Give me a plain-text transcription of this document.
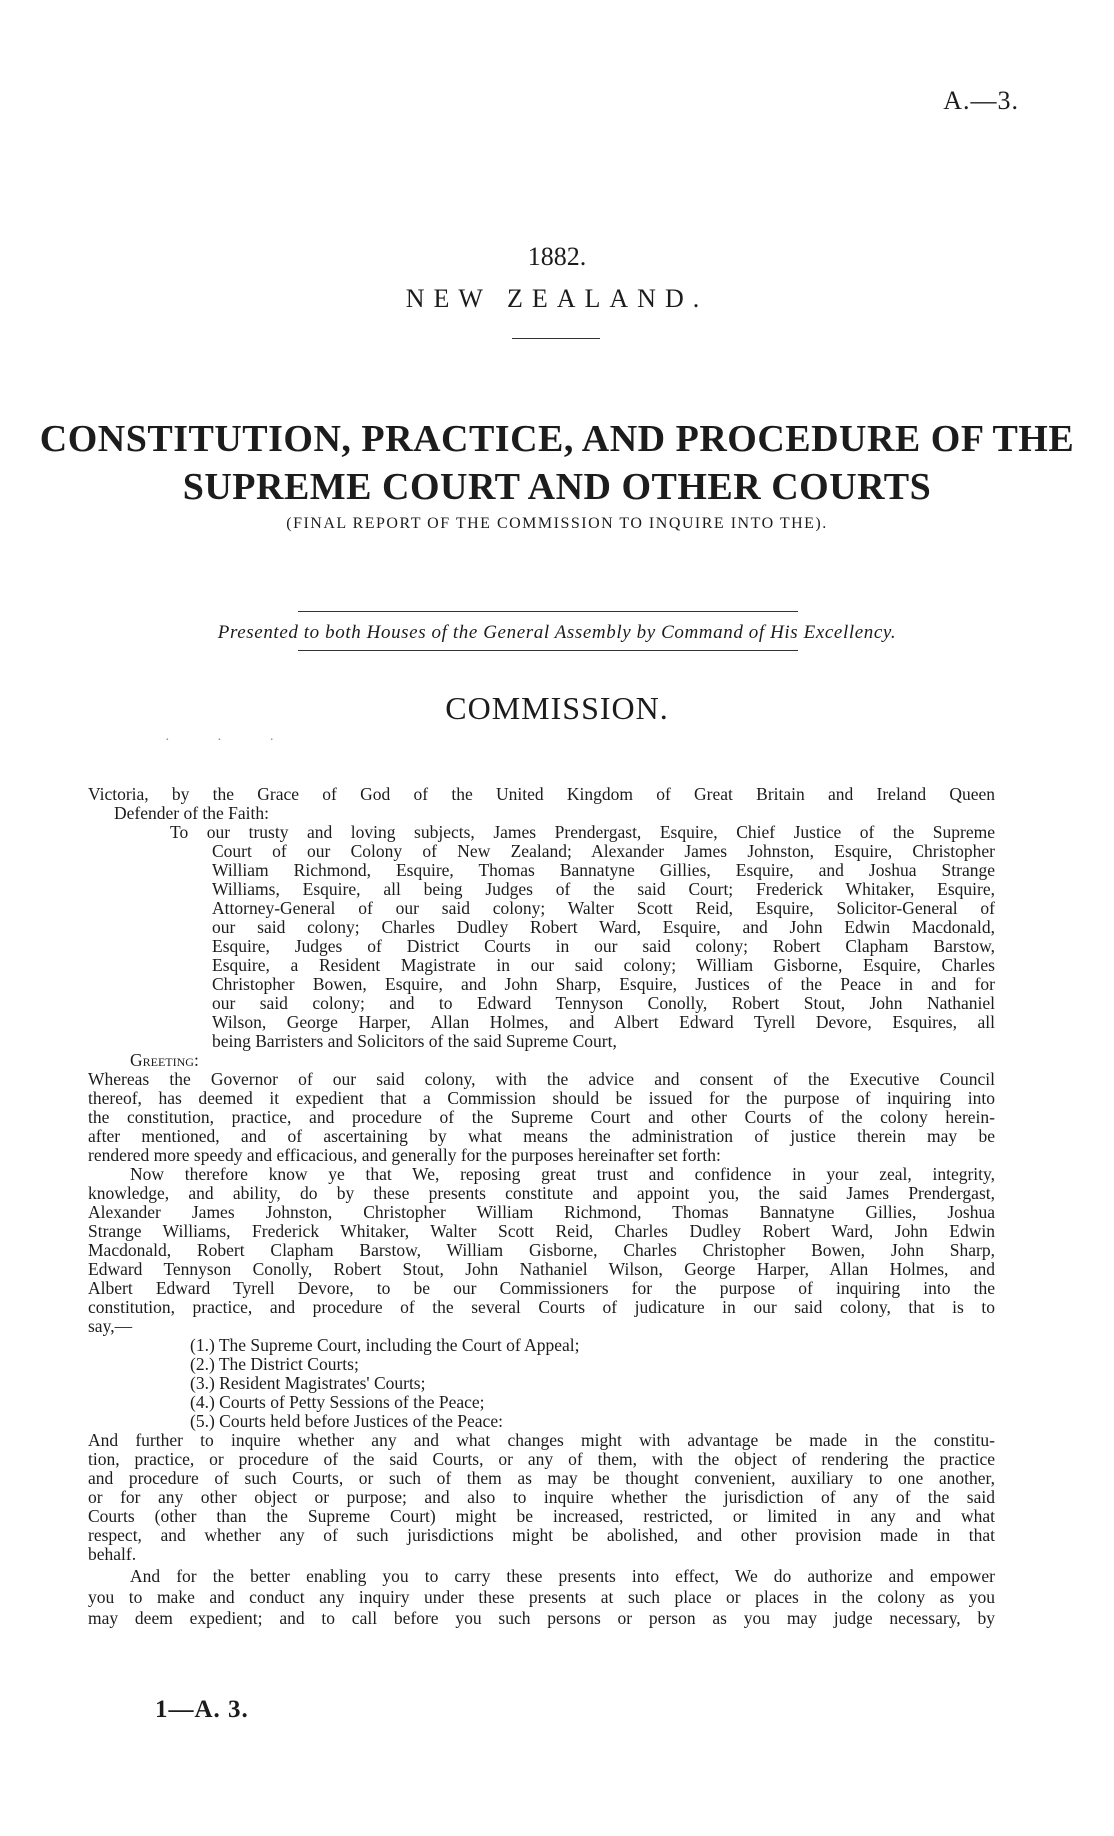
A.—3.
1882.
NEW ZEALAND.
CONSTITUTION, PRACTICE, AND PROCEDURE OF THE
SUPREME COURT AND OTHER COURTS
(FINAL REPORT OF THE COMMISSION TO INQUIRE INTO THE).
Presented to both Houses of the General Assembly by Command of His Excellency.
COMMISSION.
· · ·
Victoria, by the Grace of God of the United Kingdom of Great Britain and Ireland Queen
Defender of the Faith:
To our trusty and loving subjects, James Prendergast, Esquire, Chief Justice of the Supreme
Court of our Colony of New Zealand; Alexander James Johnston, Esquire, Christopher
William Richmond, Esquire, Thomas Bannatyne Gillies, Esquire, and Joshua Strange
Williams, Esquire, all being Judges of the said Court; Frederick Whitaker, Esquire,
Attorney-General of our said colony; Walter Scott Reid, Esquire, Solicitor-General of
our said colony; Charles Dudley Robert Ward, Esquire, and John Edwin Macdonald,
Esquire, Judges of District Courts in our said colony; Robert Clapham Barstow,
Esquire, a Resident Magistrate in our said colony; William Gisborne, Esquire, Charles
Christopher Bowen, Esquire, and John Sharp, Esquire, Justices of the Peace in and for
our said colony; and to Edward Tennyson Conolly, Robert Stout, John Nathaniel
Wilson, George Harper, Allan Holmes, and Albert Edward Tyrell Devore, Esquires, all
being Barristers and Solicitors of the said Supreme Court,
Greeting:
Whereas the Governor of our said colony, with the advice and consent of the Executive Council
thereof, has deemed it expedient that a Commission should be issued for the purpose of inquiring into
the constitution, practice, and procedure of the Supreme Court and other Courts of the colony herein-
after mentioned, and of ascertaining by what means the administration of justice therein may be
rendered more speedy and efficacious, and generally for the purposes hereinafter set forth:
Now therefore know ye that We, reposing great trust and confidence in your zeal, integrity,
knowledge, and ability, do by these presents constitute and appoint you, the said James Prendergast,
Alexander James Johnston, Christopher William Richmond, Thomas Bannatyne Gillies, Joshua
Strange Williams, Frederick Whitaker, Walter Scott Reid, Charles Dudley Robert Ward, John Edwin
Macdonald, Robert Clapham Barstow, William Gisborne, Charles Christopher Bowen, John Sharp,
Edward Tennyson Conolly, Robert Stout, John Nathaniel Wilson, George Harper, Allan Holmes, and
Albert Edward Tyrell Devore, to be our Commissioners for the purpose of inquiring into the
constitution, practice, and procedure of the several Courts of judicature in our said colony, that is to
say,—
(1.) The Supreme Court, including the Court of Appeal;
(2.) The District Courts;
(3.) Resident Magistrates' Courts;
(4.) Courts of Petty Sessions of the Peace;
(5.) Courts held before Justices of the Peace:
And further to inquire whether any and what changes might with advantage be made in the constitu-
tion, practice, or procedure of the said Courts, or any of them, with the object of rendering the practice
and procedure of such Courts, or such of them as may be thought convenient, auxiliary to one another,
or for any other object or purpose; and also to inquire whether the jurisdiction of any of the said
Courts (other than the Supreme Court) might be increased, restricted, or limited in any and what
respect, and whether any of such jurisdictions might be abolished, and other provision made in that
behalf.
And for the better enabling you to carry these presents into effect, We do authorize and empower
you to make and conduct any inquiry under these presents at such place or places in the colony as you
may deem expedient; and to call before you such persons or person as you may judge necessary, by
1—A. 3.
